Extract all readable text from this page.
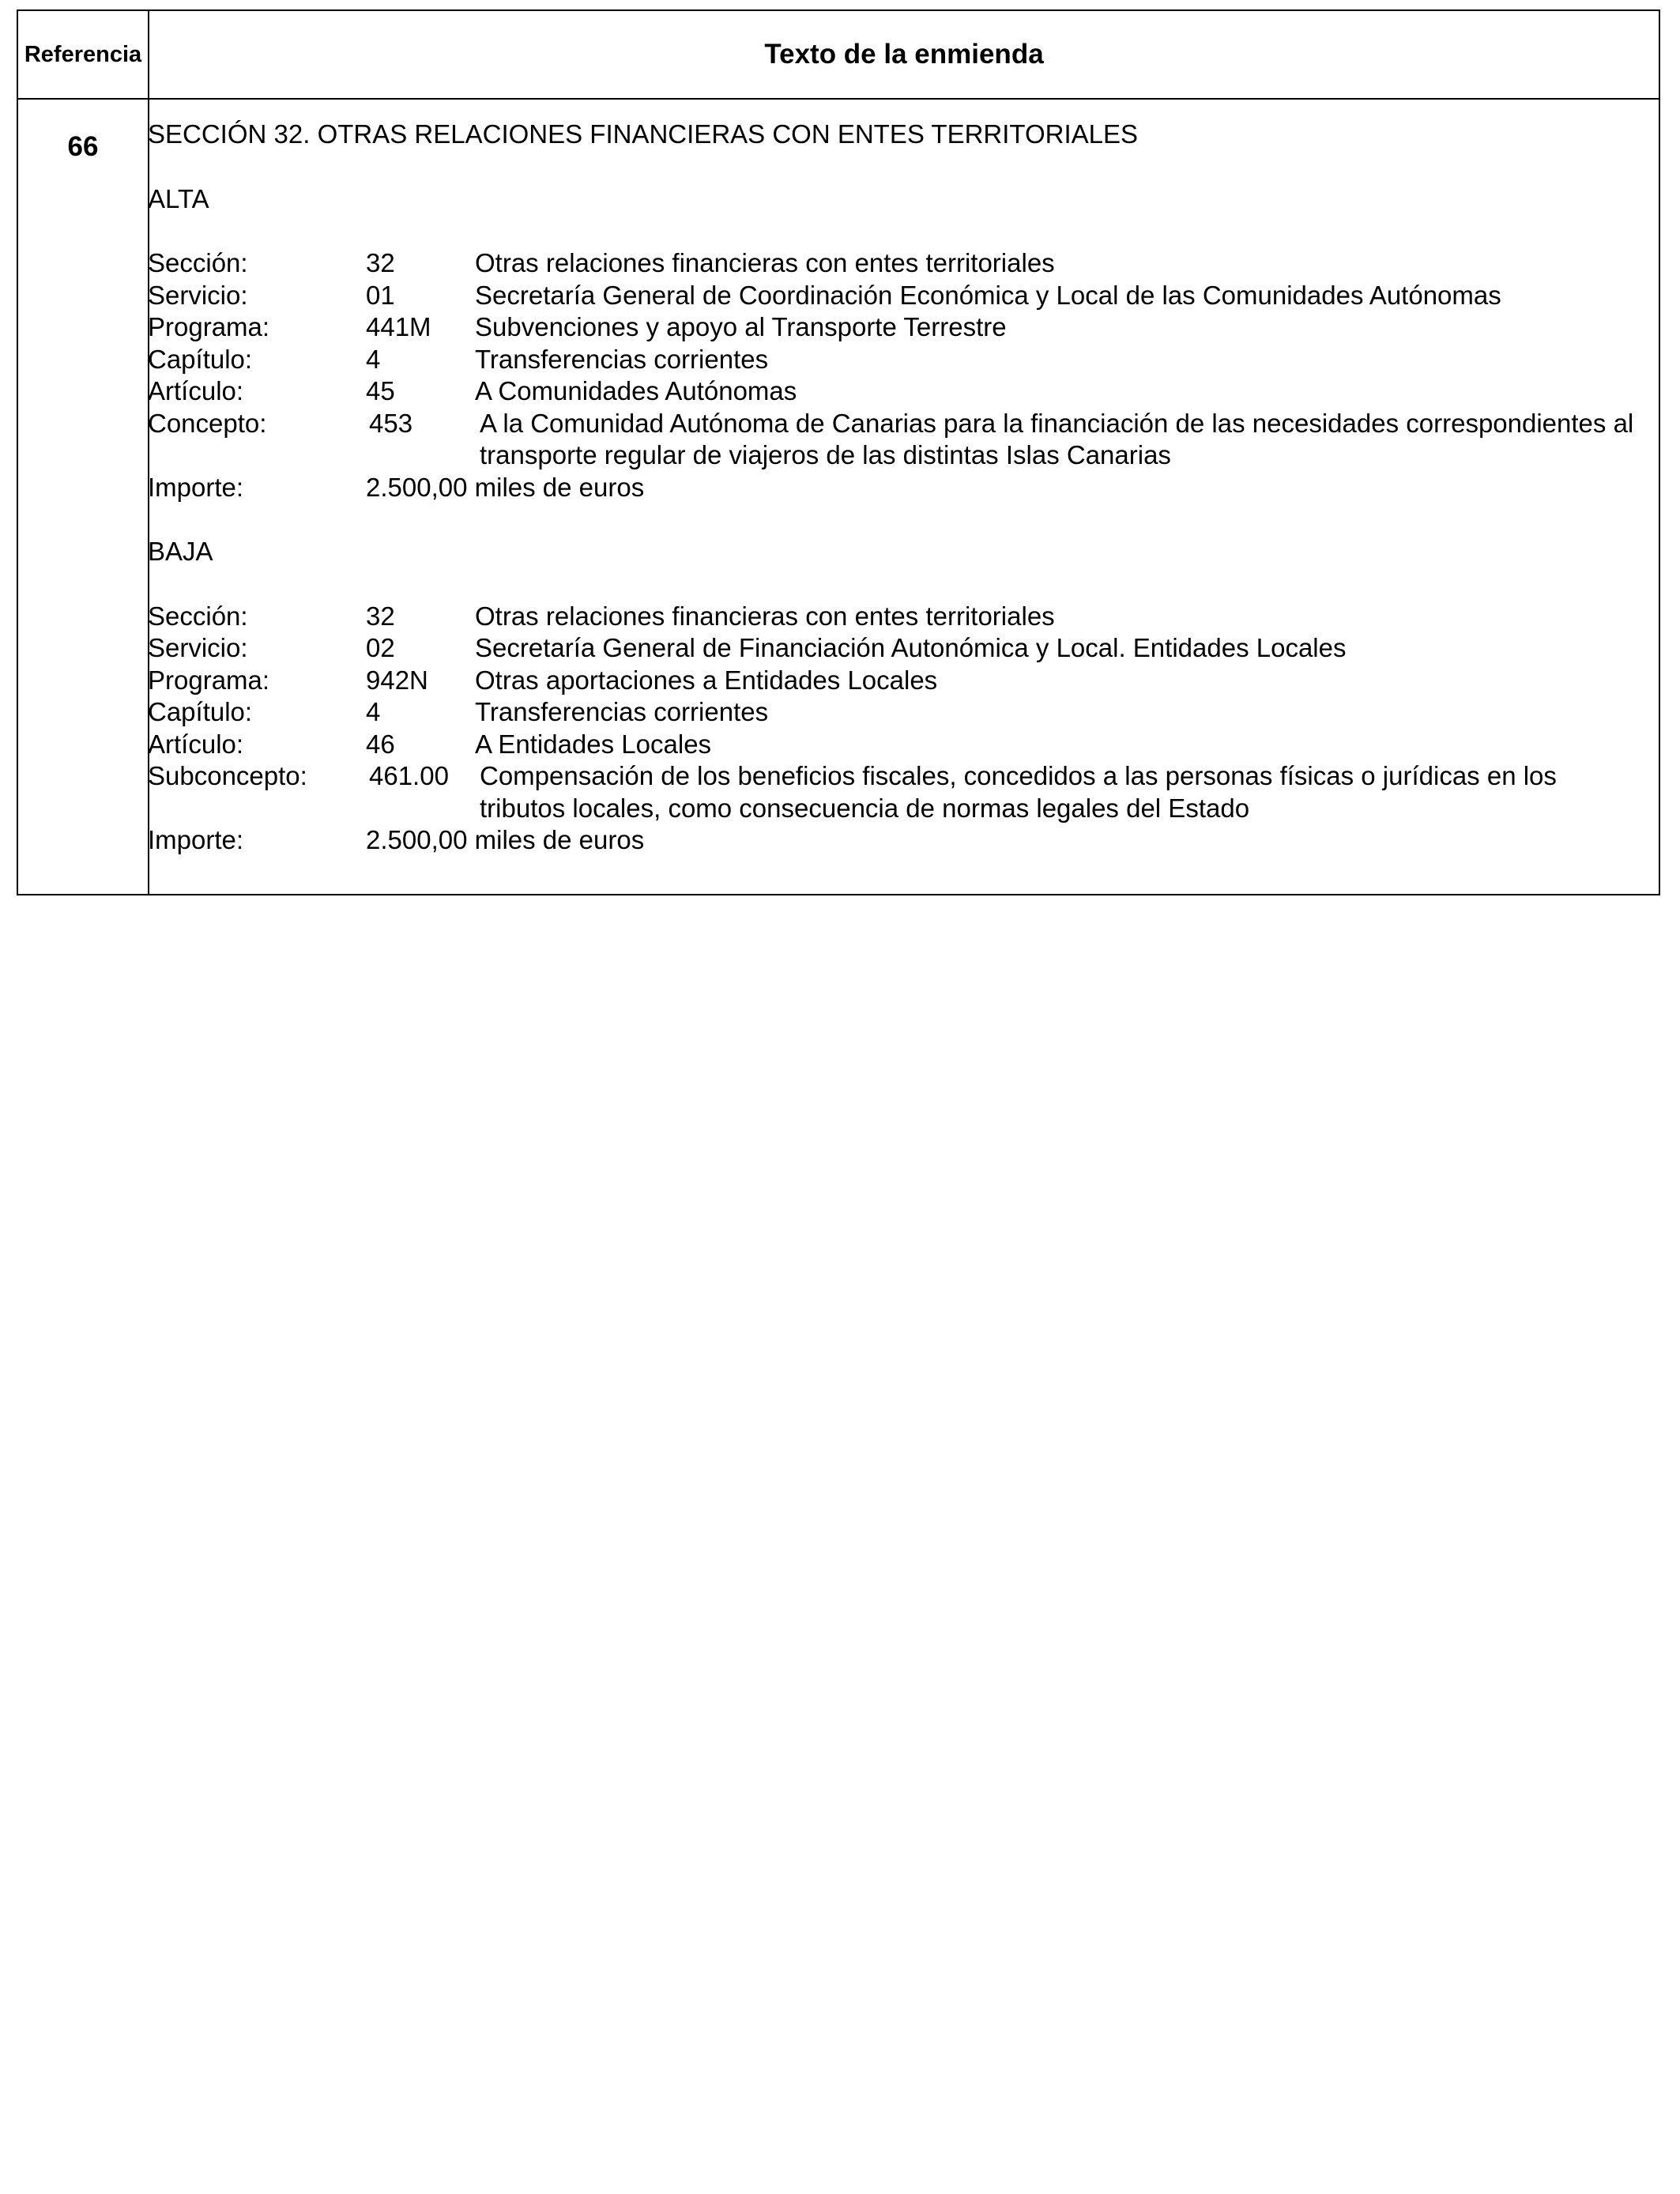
Referencia	Texto de la enmienda
66	SECCIÓN 32. OTRAS RELACIONES FINANCIERAS CON ENTES TERRITORIALES
ALTA
Sección:	32	Otras relaciones financieras con entes territoriales
Servicio:	01	Secretaría General de Coordinación Económica y Local de las Comunidades Autónomas
Programa:	441M	Subvenciones y apoyo al Transporte Terrestre
Capítulo:	4	Transferencias corrientes
Artículo:	45	A Comunidades Autónomas
Concepto:	453	A la Comunidad Autónoma de Canarias para la financiación de las necesidades correspondientes al transporte regular de viajeros de las distintas Islas Canarias
Importe:	2.500,00 miles de euros
BAJA
Sección:	32	Otras relaciones financieras con entes territoriales
Servicio:	02	Secretaría General de Financiación Autonómica y Local. Entidades Locales
Programa:	942N	Otras aportaciones a Entidades Locales
Capítulo:	4	Transferencias corrientes
Artículo:	46	A Entidades Locales
Subconcepto:	461.00	Compensación de los beneficios fiscales, concedidos a las personas físicas o jurídicas en los tributos locales, como consecuencia de normas legales del Estado
Importe:	2.500,00 miles de euros
